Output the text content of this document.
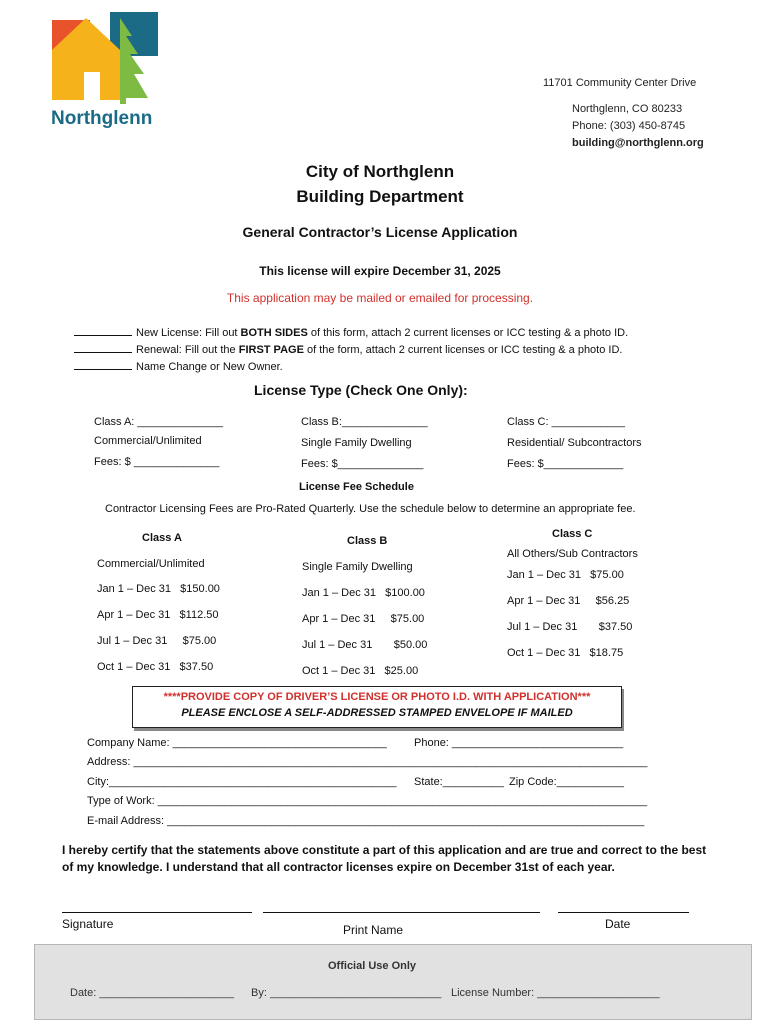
Northglenn
11701 Community Center Drive
Northglenn, CO 80233
Phone: (303) 450-8745
building@northglenn.org
City of Northglenn
Building Department
General Contractor’s License Application
This license will expire December 31, 2025
This application may be mailed or emailed for processing.
New License: Fill out BOTH SIDES of this form, attach 2 current licenses or ICC testing & a photo ID.
Renewal: Fill out the FIRST PAGE of the form, attach 2 current licenses or ICC testing & a photo ID.
Name Change or New Owner.
License Type (Check One Only):
Class A: ______________
Commercial/Unlimited
Fees: $ ______________
Class B:______________
Single Family Dwelling
Fees: $______________
Class C: ____________
Residential/ Subcontractors
Fees: $_____________
License Fee Schedule
Contractor Licensing Fees are Pro-Rated Quarterly. Use the schedule below to determine an appropriate fee.
Class A
Commercial/Unlimited
Jan 1 – Dec 31   $150.00
Apr 1 – Dec 31   $112.50
Jul 1 – Dec 31     $75.00
Oct 1 – Dec 31   $37.50
Class B
Single Family Dwelling
Jan 1 – Dec 31   $100.00
Apr 1 – Dec 31     $75.00
Jul 1 – Dec 31       $50.00
Oct 1 – Dec 31   $25.00
Class C
All Others/Sub Contractors
Jan 1 – Dec 31   $75.00
Apr 1 – Dec 31     $56.25
Jul 1 – Dec 31       $37.50
Oct 1 – Dec 31   $18.75
****PROVIDE COPY OF DRIVER’S LICENSE OR PHOTO I.D. WITH APPLICATION***
PLEASE ENCLOSE A SELF-ADDRESSED STAMPED ENVELOPE IF MAILED
Company Name: ___________________________________ Phone: ____________________________
Address: ____________________________________________________________________________________
City:_______________________________________________ State:__________ Zip Code:___________
Type of Work: ________________________________________________________________________________
E-mail Address: ______________________________________________________________________________
I hereby certify that the statements above constitute a part of this application and are true and correct to the best
of my knowledge. I understand that all contractor licenses expire on December 31st of each year.
Signature	Print Name	Date
Official Use Only
Date: ______________________ By: ____________________________ License Number: ____________________
